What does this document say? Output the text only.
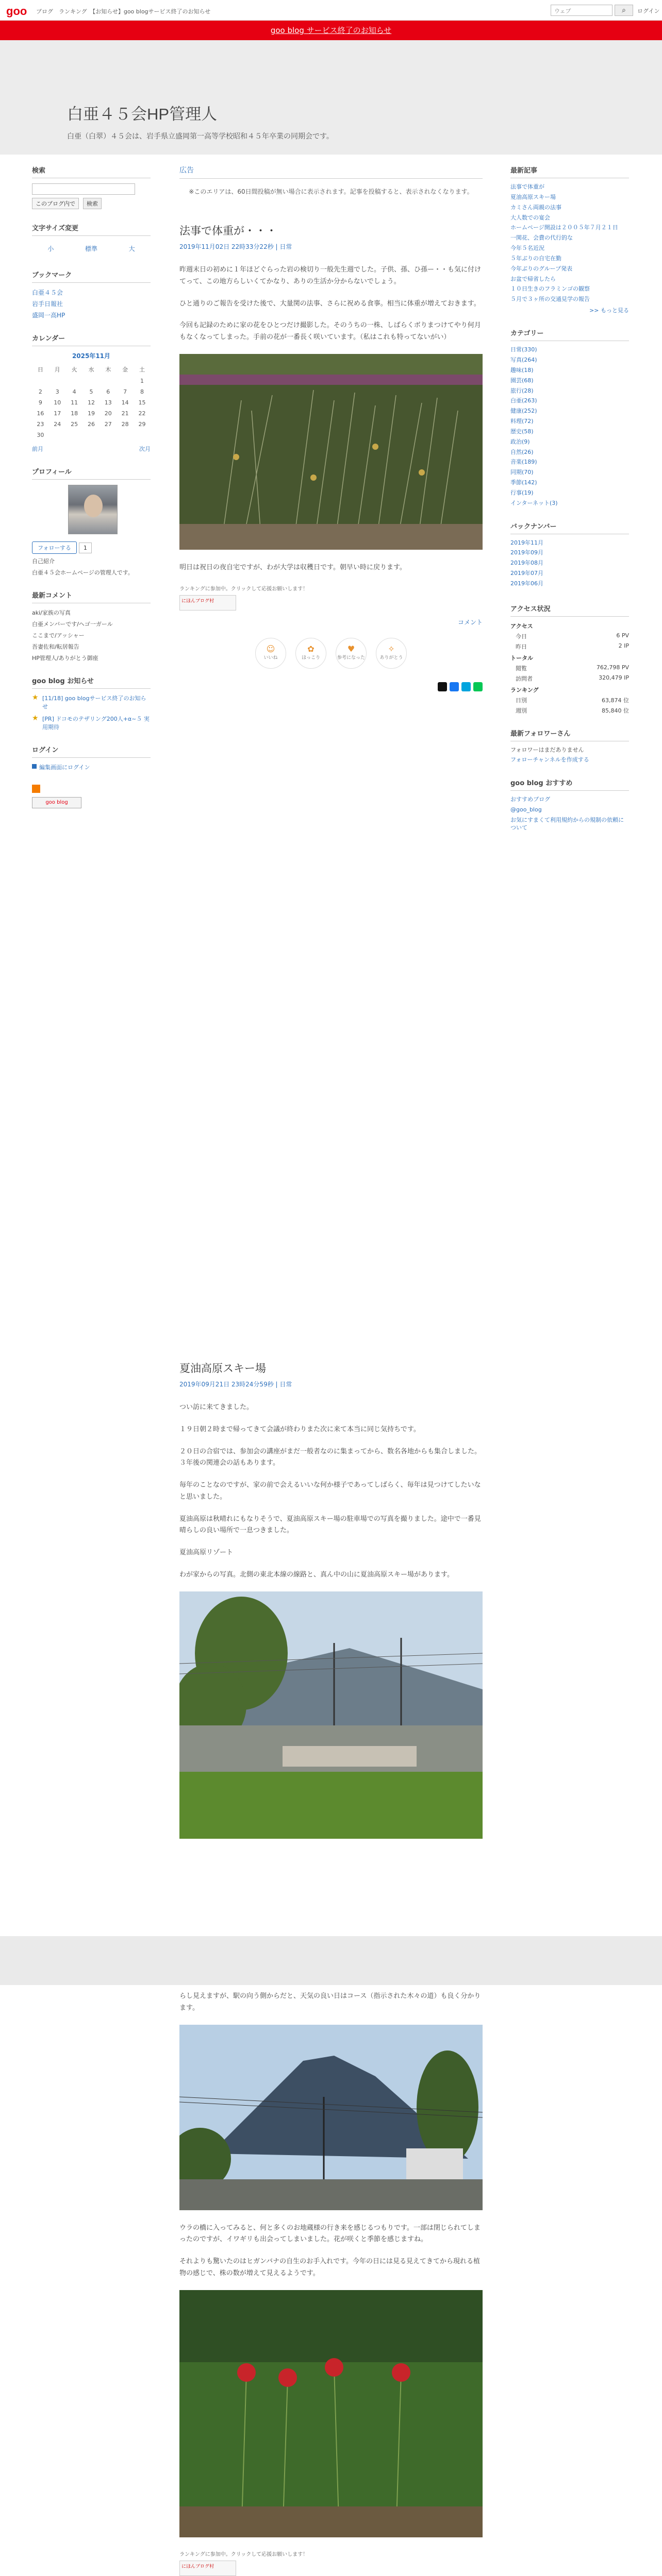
goo ブログ　ランキング　【お知らせ】goo blogサービス終了のお知らせ	ウェブ	⌕	ログイン
goo blog サービス終了のお知らせ
白亜４５会HP管理人
白亜（白翠）４５会は、岩手県立盛岡第一高等学校昭和４５年卒業の同期会です。
検索
このブログ内で 検索
文字サイズ変更
小	標準	大
ブックマーク
白亜４５会
岩手日報社
盛岡一高HP
カレンダー
2025年11月
日	月	火	水	木	金	土
						1
2	3	4	5	6	7	8
9	10	11	12	13	14	15
16	17	18	19	20	21	22
23	24	25	26	27	28	29
30						
前月	次月
プロフィール
フォローする 1
自己紹介
白亜４５会ホームページの管理人です。
最新コメント
aki/家族の写真
白亜メンバーです/ヘゴ一ガール
ここまで/アッシャー
吾妻佐和/転居報告
HP管理人/ありがとう御座
goo blog お知らせ
★ [11/18] goo blogサービス終了のお知らせ
★ [PR] ドコモのテザリング200人+α~５ 実用期待
ログイン
編集画面にログイン
goo blog
広告
※このエリアは、60日間投稿が無い場合に表示されます。記事を投稿すると、表示されなくなります。
法事で体重が・・・
2019年11月02日 22時33分22秒 | 日常
昨週末日の初めに１年ほどぐらった岩の検切り一般先生週でした。子供、孫、ひ孫ー・・も気に付けてって、この地方らしいくてかなり、ありの生活か分からないでしょう。
ひと通りのご報告を受けた後で、大量関の法事、さらに祝める食事。相当に体重が増えておきます。
今回も記録のために家の花をひとつだけ撮影した。そのうちの一株、しばらくボりまつけてやり何月もなくなってしまった。手前の花が一番長く咲いています。（私はこれも特ってないがい）
明日は祝日の夜自宅ですが、わが大学は収穫日です。朝早い時に戻ります。
ランキングに参加中。クリックして応援お願いします！
にほんブログ村
コメント
☺
いいね
✿
ほっこり
♥
参考になった
✧
ありがとう
夏油高原スキー場
2019年09月21日 23時24分59秒 | 日常
つい訪に来てきました。
１９日朝２時まで帰ってきて会議が終わりまた次に来て本当に同じ気持ちです。
２０日の合宿では、参加会の講座がまだ一般者なのに集まってから、数名各地からも集合しました。３年後の関連会の話もあります。
毎年のことなのですが、家の前で会えるいいな何か様子であってしばらく、毎年は見つけてしたいなと思いました。
夏油高原は秋晴れにもなりそうで、夏油高原スキー場の駐車場での写真を撮りました。途中で一番見晴らしの良い場所で一息つきました。
夏油高原リゾート
わが家からの写真。北側の東北本線の線路と、真ん中の山に夏油高原スキー場があります。
らし見えますが、駅の向う側からだと、天気の良い日はコース（指示された木々の道）も良く分かります。
ウラの橋に入ってみると、何と多くのお地蔵様の行き来を感じるつもりです。一部は閉じられてしまったのですが、イワギリも出会ってしまいました。花が咲くと季節を感じますね。
それよりも驚いたのはヒガンバナの自生のお手入れです。今年の日には見る見えてきてから現れる植物の感じで、株の数が増えて見えるようです。
ランキングに参加中。クリックして応援お願いします！
にほんブログ村
最新記事
法事で体重が
夏油高原スキー場
カミさん両親の法事
大人数での宴会
ホームページ開設は２００５年７月２１日
一関花、会費の代行的な
今年５名近況
５年ぶりの自宅在勤
今年ぶりのグループ発表
お盆で帰省したら
１０日生きのフラミンゴの観察
５月で３ヶ所の交通見学の報告
>> もっと見る
カテゴリー
日常(330)
写真(264)
趣味(18)
園芸(68)
旅行(28)
白亜(263)
健康(252)
料理(72)
歴史(58)
政治(9)
自然(26)
音楽(189)
同期(70)
季節(142)
行事(19)
インターネット(3)
バックナンバー
2019年11月
2019年09月
2019年08月
2019年07月
2019年06月
アクセス状況
アクセス
今日	6 PV
昨日	2 IP
トータル
閲覧	762,798 PV
訪問者	320,479 IP
ランキング
日別	63,874 位
週別	85,840 位
最新フォロワーさん
フォロワーはまだありません
フォローチャンネルを作成する
goo blog おすすめ
おすすめブログ
@goo_blog
お気にすまくて利用規約からの規制の依頼について
